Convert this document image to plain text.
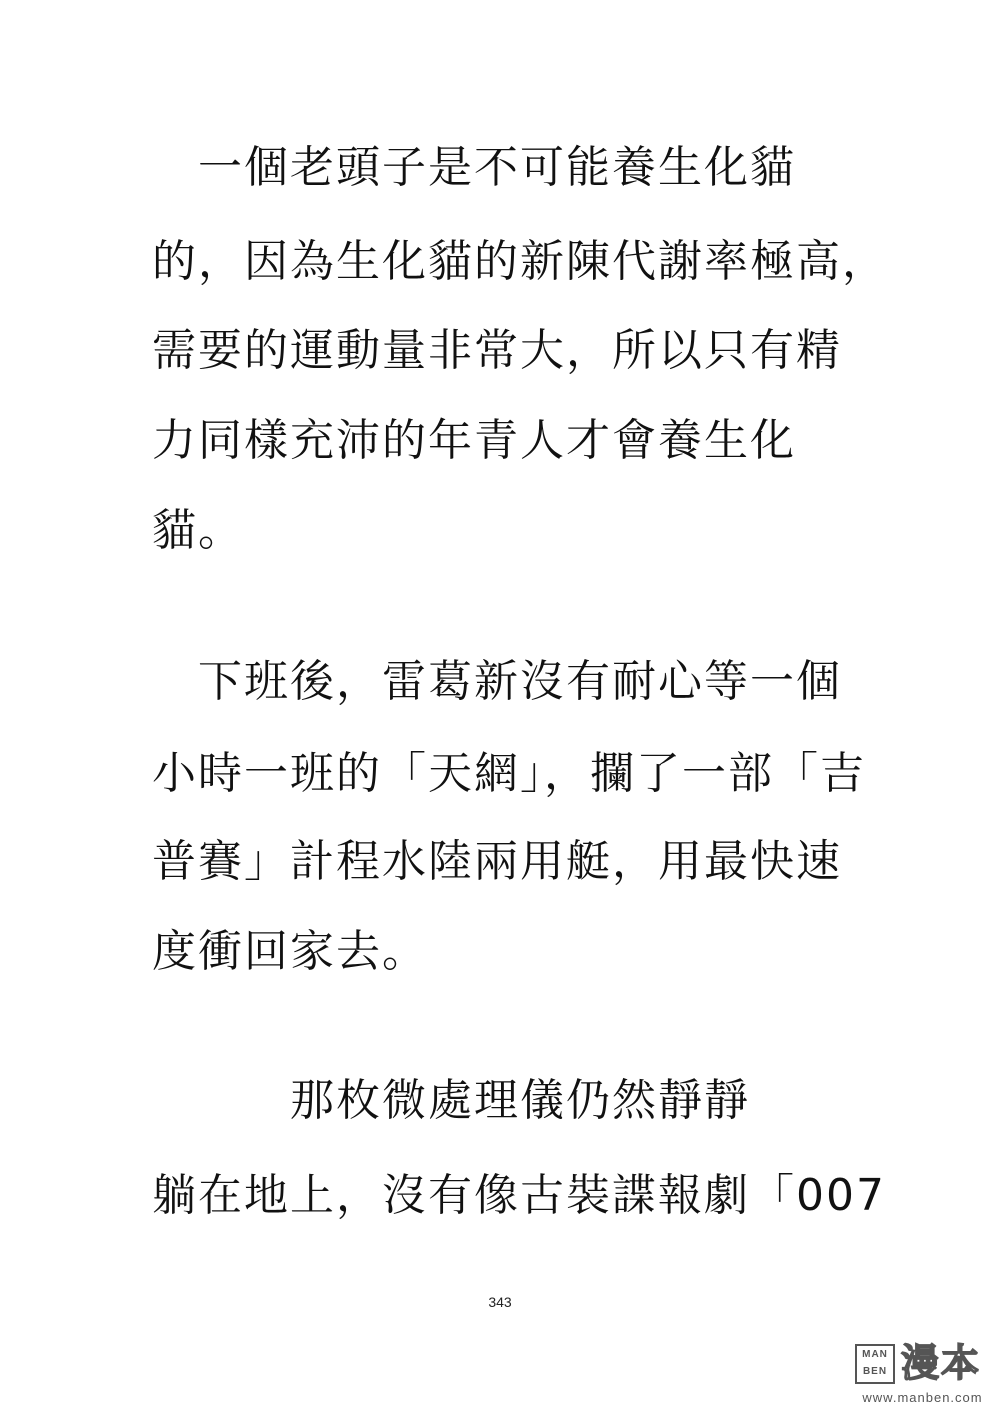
　一個老頭子是不可能養生化貓
的，因為生化貓的新陳代謝率極高，
需要的運動量非常大，所以只有精
力同樣充沛的年青人才會養生化
貓。
　下班後，雷葛新沒有耐心等一個
小時一班的「天網」，攔了一部「吉
普賽」計程水陸兩用艇，用最快速
度衝回家去。
　　　那枚微處理儀仍然靜靜
躺在地上，沒有像古裝諜報劇「007
343
MAN
BEN 漫本
www.manben.com
